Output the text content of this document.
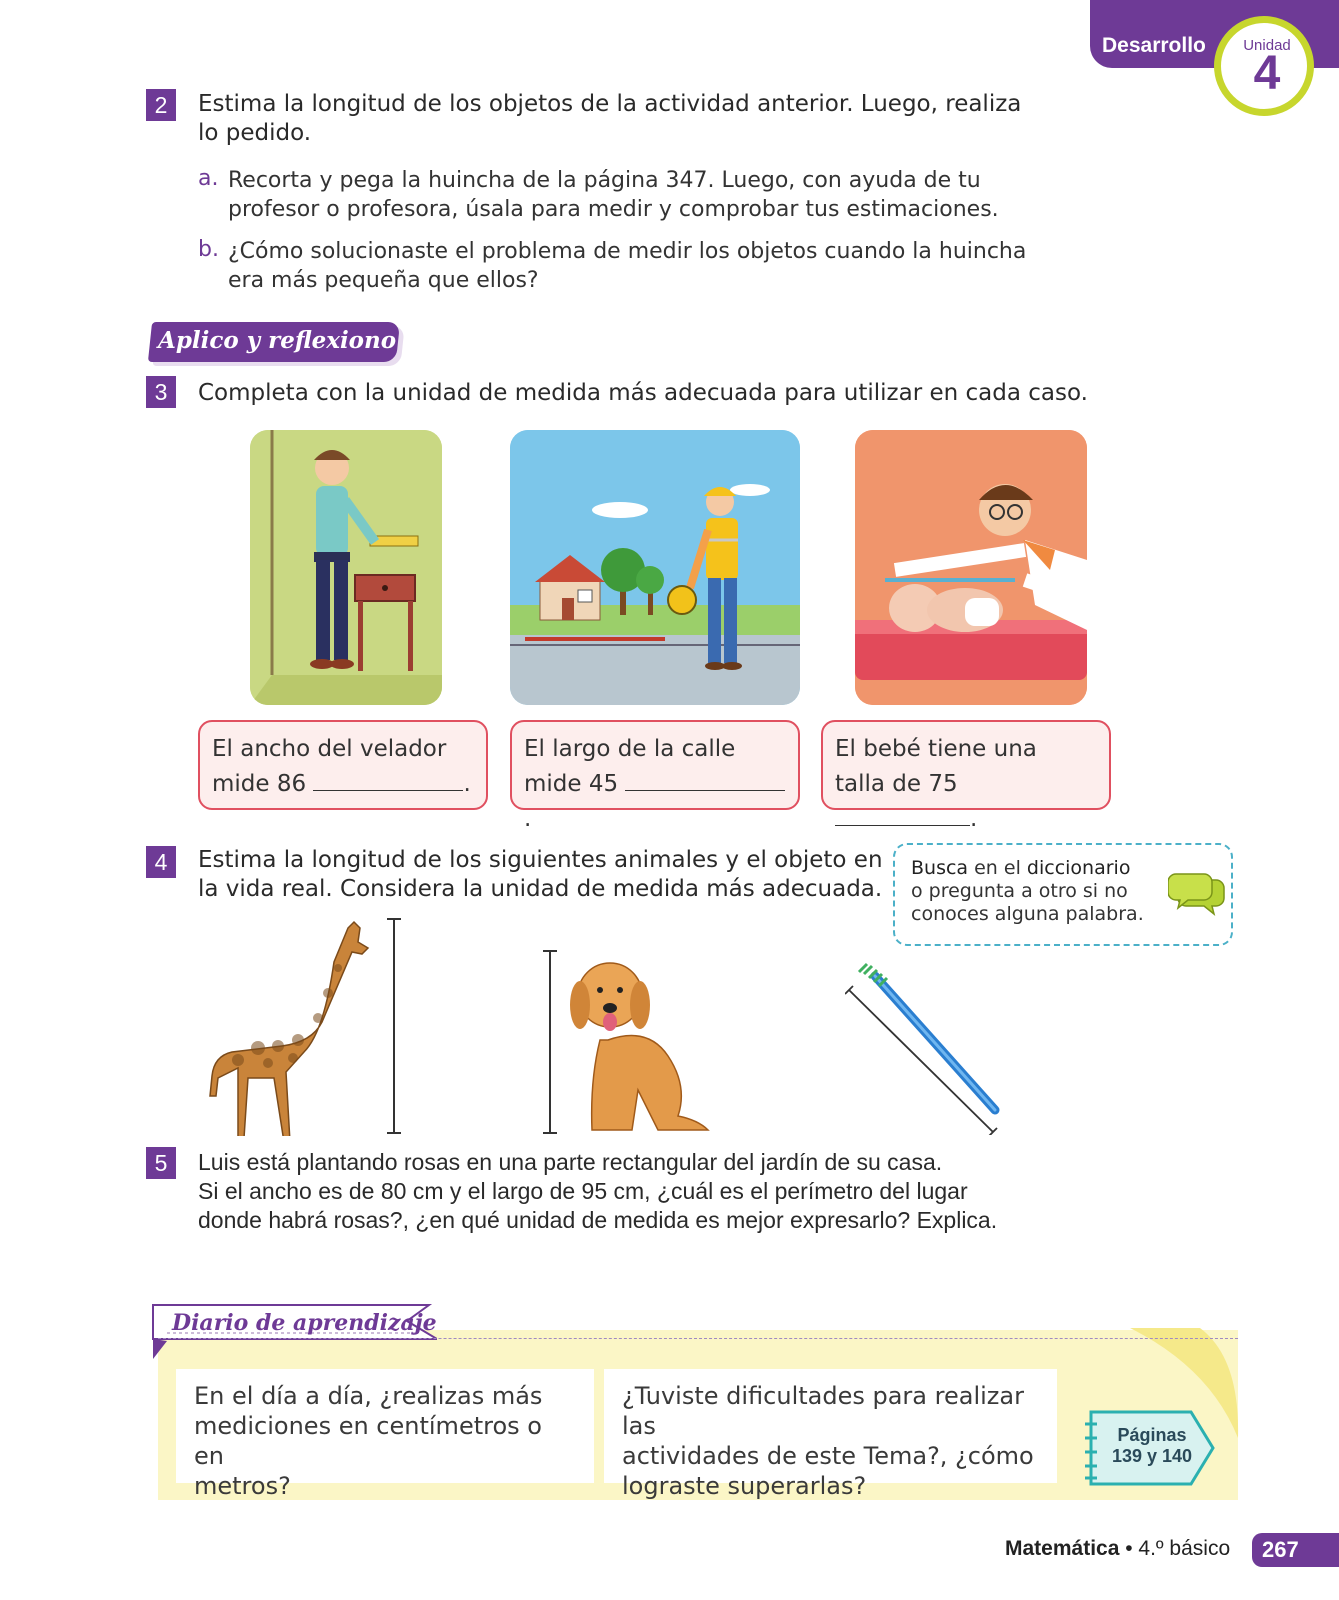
Desarrollo	Unidad
4
2	Estima la longitud de los objetos de la actividad anterior. Luego, realiza
lo pedido.
a. Recorta y pega la huincha de la página 347. Luego, con ayuda de tu
profesor o profesora, úsala para medir y comprobar tus estimaciones.
b. ¿Cómo solucionaste el problema de medir los objetos cuando la huincha
era más pequeña que ellos?
Aplico y reflexiono
3	Completa con la unidad de medida más adecuada para utilizar en cada caso.
El ancho del velador
mide 86	.
El largo de la calle
mide 45 .
El bebé tiene una
talla de 75 .
4	Estima la longitud de los siguientes animales y el objeto en
la vida real. Considera la unidad de medida más adecuada.
Busca en el diccionario
o pregunta a otro si no
conoces alguna palabra.
5	Luis está plantando rosas en una parte rectangular del jardín de su casa.
Si el ancho es de 80 cm y el largo de 95 cm, ¿cuál es el perímetro del lugar
donde habrá rosas?, ¿en qué unidad de medida es mejor expresarlo? Explica.
Diario de aprendizaje
En el día a día, ¿realizas más
mediciones en centímetros o en
metros?
¿Tuviste dificultades para realizar las
actividades de este Tema?, ¿cómo
lograste superarlas?
Páginas
139 y 140
Matemática • 4.º básico	267
